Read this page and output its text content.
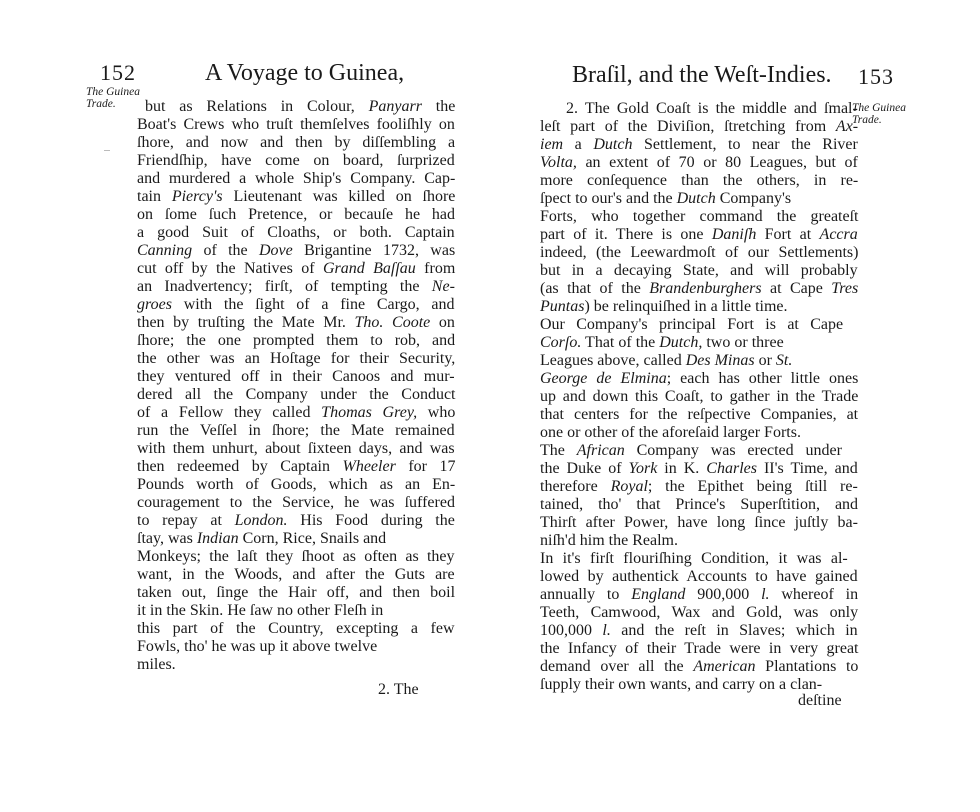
152	A Voyage to Guinea,
The Guinea
Trade.	but as Relations in Colour, Panyarr the
Boat's Crews who truſt themſelves fooliſhly on
ſhore, and now and then by diſſembling a
Friendſhip, have come on board, ſurprized
and murdered a whole Ship's Company. Cap-
tain Piercy's Lieutenant was killed on ſhore
on ſome ſuch Pretence, or becauſe he had
a good Suit of Cloaths, or both. Captain
Canning of the Dove Brigantine 1732, was
cut off by the Natives of Grand Baſſau from
an Inadvertency; firſt, of tempting the Ne-
groes with the ſight of a fine Cargo, and
then by truſting the Mate Mr. Tho. Coote on
ſhore; the one prompted them to rob, and
the other was an Hoſtage for their Security,
they ventured off in their Canoos and mur-
dered all the Company under the Conduct
of a Fellow they called Thomas Grey, who
run the Veſſel in ſhore; the Mate remained
with them unhurt, about ſixteen days, and was
then redeemed by Captain Wheeler for 17
Pounds worth of Goods, which as an En-
couragement to the Service, he was ſuffered
to repay at London. His Food during the
ſtay, was Indian Corn, Rice, Snails and
Monkeys; the laſt they ſhoot as often as they
want, in the Woods, and after the Guts are
taken out, ſinge the Hair off, and then boil
it in the Skin. He ſaw no other Fleſh in
this part of the Country, excepting a few
Fowls, tho' he was up it above twelve
miles.
2. The
Braſil, and the Weſt-Indies. 153
The Guinea
Trade.
2. The Gold Coaſt is the middle and ſmal-
leſt part of the Diviſion, ſtretching from Ax-
iem a Dutch Settlement, to near the River
Volta, an extent of 70 or 80 Leagues, but of
more conſequence than the others, in re-
ſpect to our's and the Dutch Company's
Forts, who together command the greateſt
part of it. There is one Daniſh Fort at Accra
indeed, (the Leewardmoſt of our Settlements)
but in a decaying State, and will probably
(as that of the Brandenburghers at Cape Tres
Puntas) be relinquiſhed in a little time.
Our Company's principal Fort is at Cape
Corſo. That of the Dutch, two or three
Leagues above, called Des Minas or St.
George de Elmina; each has other little ones
up and down this Coaſt, to gather in the Trade
that centers for the reſpective Companies, at
one or other of the aforeſaid larger Forts.
The African Company was erected under
the Duke of York in K. Charles II's Time, and
therefore Royal; the Epithet being ſtill re-
tained, tho' that Prince's Superſtition, and
Thirſt after Power, have long ſince juſtly ba-
niſh'd him the Realm.
In it's firſt flouriſhing Condition, it was al-
lowed by authentick Accounts to have gained
annually to England 900,000 l. whereof in
Teeth, Camwood, Wax and Gold, was only
100,000 l. and the reſt in Slaves; which in
the Infancy of their Trade were in very great
demand over all the American Plantations to
ſupply their own wants, and carry on a clan-
deſtine
